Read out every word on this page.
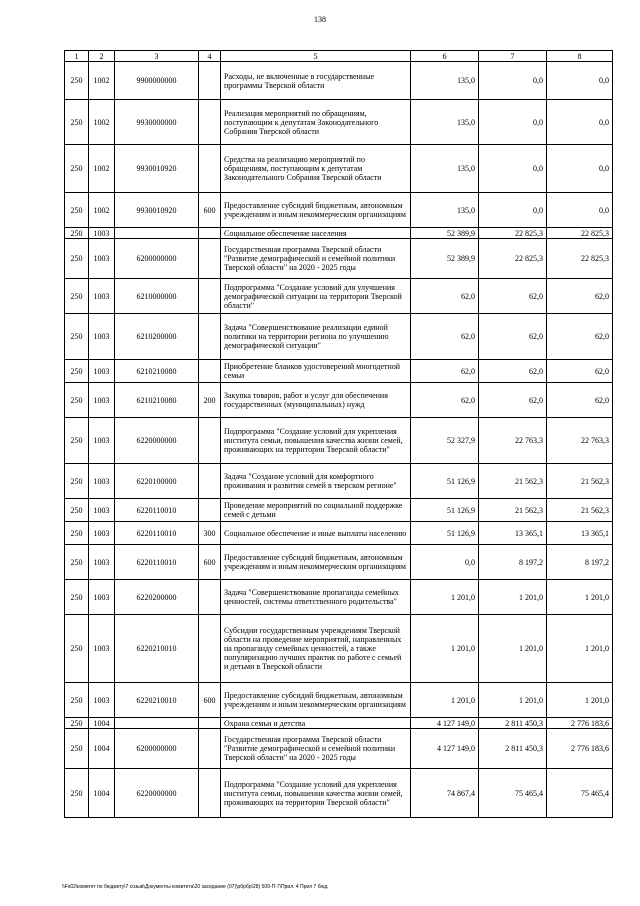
138
1	2	3	4	5	6	7	8
250	1002	9900000000		Расходы, не включенные в государственные программы Тверской области	135,0	0,0	0,0
250	1002	9930000000		Реализация мероприятий по обращениям, поступающим к депутатам Законодательного Собрания Тверской области	135,0	0,0	0,0
250	1002	9930010920		Средства на реализацию мероприятий по обращениям, поступающим к депутатам Законодательного Собрания Тверской области	135,0	0,0	0,0
250	1002	9930010920	600	Предоставление субсидий бюджетным, автономным учреждениям и иным некоммерческим организациям	135,0	0,0	0,0
250	1003			Социальное обеспечение населения	52 389,9	22 825,3	22 825,3
250	1003	6200000000		Государственная программа Тверской области "Развитие демографической и семейной политики Тверской области" на 2020 - 2025 годы	52 389,9	22 825,3	22 825,3
250	1003	6210000000		Подпрограмма "Создание условий для улучшения демографической ситуации на территории Тверской области"	62,0	62,0	62,0
250	1003	6210200000		Задача "Совершенствование реализации единой политики на территории региона по улучшению демографической ситуации"	62,0	62,0	62,0
250	1003	6210210080		Приобретение бланков удостоверений многодетной семьи	62,0	62,0	62,0
250	1003	6210210080	200	Закупка товаров, работ и услуг для обеспечения государственных (муниципальных) нужд	62,0	62,0	62,0
250	1003	6220000000		Подпрограмма "Создание условий для укрепления института семьи, повышения качества жизни семей, проживающих на территории Тверской области"	52 327,9	22 763,3	22 763,3
250	1003	6220100000		Задача "Создание условий для комфортного проживания и развития семей в тверском регионе"	51 126,9	21 562,3	21 562,3
250	1003	6220110010		Проведение мероприятий по социальной поддержке семей с детьми	51 126,9	21 562,3	21 562,3
250	1003	6220110010	300	Социальное обеспечение и иные выплаты населению	51 126,9	13 365,1	13 365,1
250	1003	6220110010	600	Предоставление субсидий бюджетным, автономным учреждениям и иным некоммерческим организациям	0,0	8 197,2	8 197,2
250	1003	6220200000		Задача "Совершенствование пропаганды семейных ценностей, системы ответственного родительства"	1 201,0	1 201,0	1 201,0
250	1003	6220210010		Субсидии государственным учреждениям Тверской области на проведение мероприятий, направленных на пропаганду семейных ценностей, а также популяризацию лучших практик по работе с семьей и детьми в Тверской области	1 201,0	1 201,0	1 201,0
250	1003	6220210010	600	Предоставление субсидий бюджетным, автономным учреждениям и иным некоммерческим организациям	1 201,0	1 201,0	1 201,0
250	1004			Охрана семьи и детства	4 127 149,0	2 811 450,3	2 776 183,6
250	1004	6200000000		Государственная программа Тверской области "Развитие демографической и семейной политики Тверской области" на 2020 - 2025 годы	4 127 149,0	2 811 450,3	2 776 183,6
250	1004	6220000000		Подпрограмма "Создание условий для укрепления института семьи, повышения качества жизни семей, проживающих на территории Тверской области"	74 867,4	75 465,4	75 465,4
\\Fs02\комитет по бюджету\7 созыв\Документы комитета\20 заседание (07)\рбрбр\28) 509-П-7\Прил. 4 Прил 7 бюд.
